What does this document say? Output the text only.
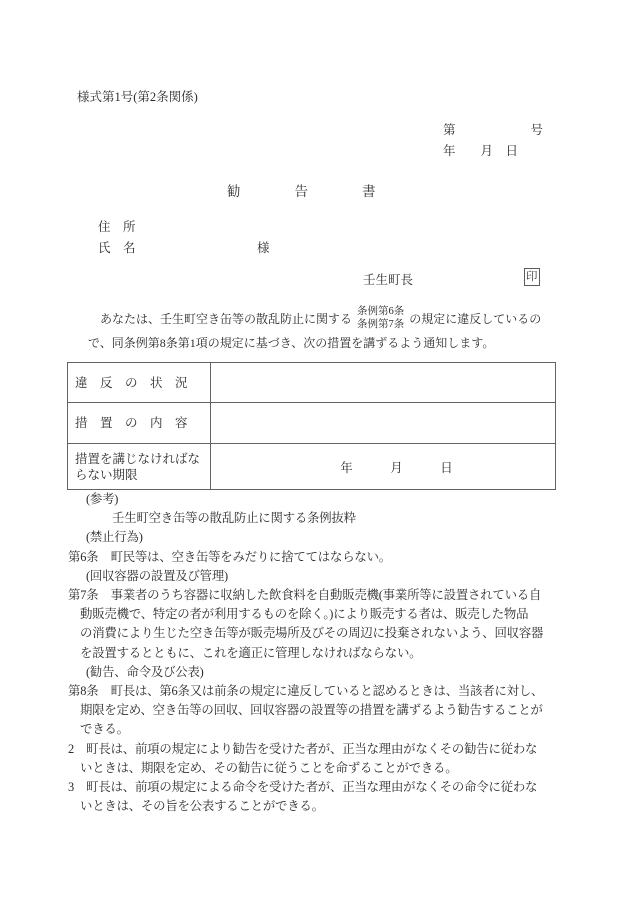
様式第1号(第2条関係)
第　　　　　　号
年　　月　日
勧告書
住　所
氏　名	様
壬生町長	印
　あなたは、壬生町空き缶等の散乱防止に関する 条例第6条
条例第7条 の規定に違反しているの
で、同条例第8条第1項の規定に基づき、次の措置を講ずるよう通知します。
違　反　の　状　況	
措　置　の　内　容	
措置を講じなければならない期限	年　　　月　　　日
(参考)
壬生町空き缶等の散乱防止に関する条例抜粋
(禁止行為)
第6条　町民等は、空き缶等をみだりに捨ててはならない。
(回収容器の設置及び管理)
第7条　事業者のうち容器に収納した飲食料を自動販売機(事業所等に設置されている自
動販売機で、特定の者が利用するものを除く。)により販売する者は、販売した物品
の消費により生じた空き缶等が販売場所及びその周辺に投棄されないよう、回収容器
を設置するとともに、これを適正に管理しなければならない。
(勧告、命令及び公表)
第8条　町長は、第6条又は前条の規定に違反していると認めるときは、当該者に対し、
期限を定め、空き缶等の回収、回収容器の設置等の措置を講ずるよう勧告することが
できる。
2　町長は、前項の規定により勧告を受けた者が、正当な理由がなくその勧告に従わな
いときは、期限を定め、その勧告に従うことを命ずることができる。
3　町長は、前項の規定による命令を受けた者が、正当な理由がなくその命令に従わな
いときは、その旨を公表することができる。
